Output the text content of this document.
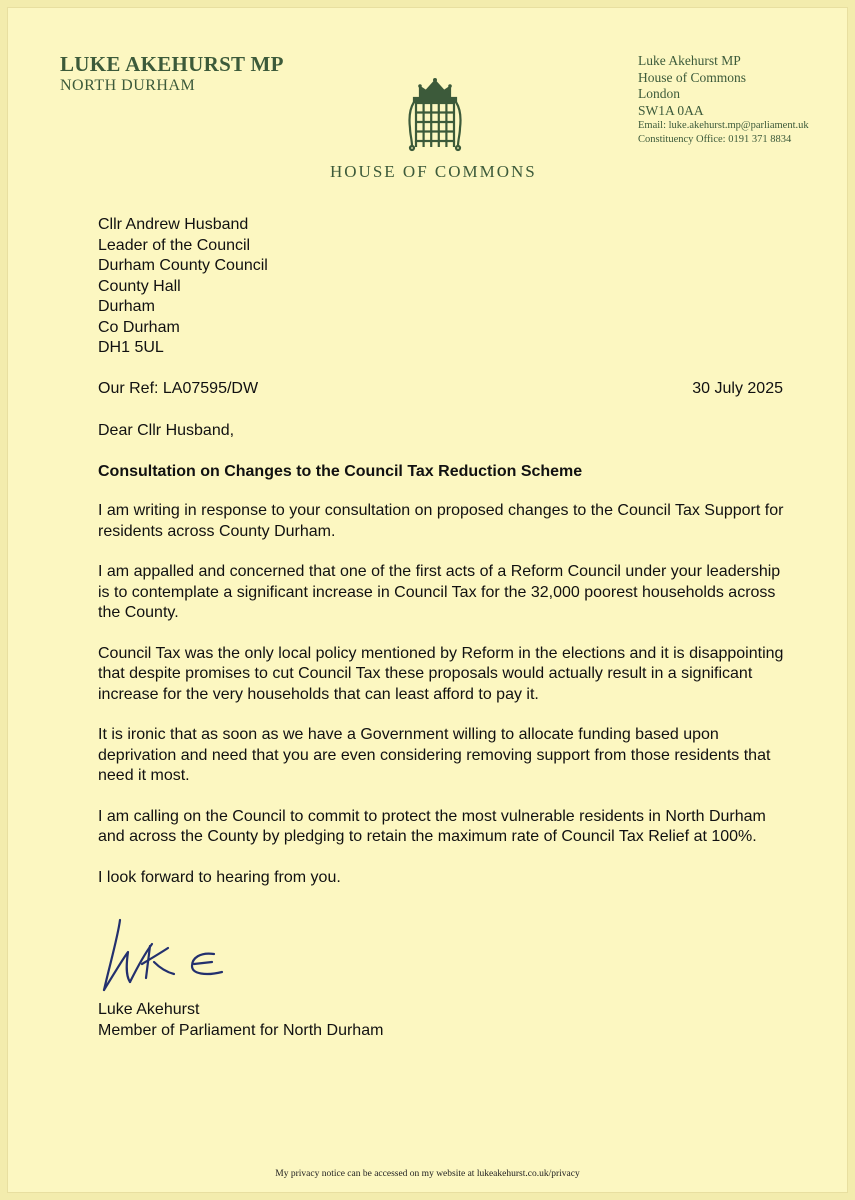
LUKE AKEHURST MP
NORTH DURHAM
HOUSE OF COMMONS
Luke Akehurst MP
House of Commons
London
SW1A 0AA
Email: luke.akehurst.mp@parliament.uk
Constituency Office: 0191 371 8834
Cllr Andrew Husband
Leader of the Council
Durham County Council
County Hall
Durham
Co Durham
DH1 5UL
Our Ref: LA07595/DW	30 July 2025

Dear Cllr Husband,

Consultation on Changes to the Council Tax Reduction Scheme

I am writing in response to your consultation on proposed changes to the Council Tax Support for residents across County Durham.

I am appalled and concerned that one of the first acts of a Reform Council under your leadership is to contemplate a significant increase in Council Tax for the 32,000 poorest households across the County.

Council Tax was the only local policy mentioned by Reform in the elections and it is disappointing that despite promises to cut Council Tax these proposals would actually result in a significant increase for the very households that can least afford to pay it.

It is ironic that as soon as we have a Government willing to allocate funding based upon deprivation and need that you are even considering removing support from those residents that need it most.

I am calling on the Council to commit to protect the most vulnerable residents in North Durham and across the County by pledging to retain the maximum rate of Council Tax Relief at 100%.

I look forward to hearing from you.

Luke Akehurst
Member of Parliament for North Durham
My privacy notice can be accessed on my website at lukeakehurst.co.uk/privacy
